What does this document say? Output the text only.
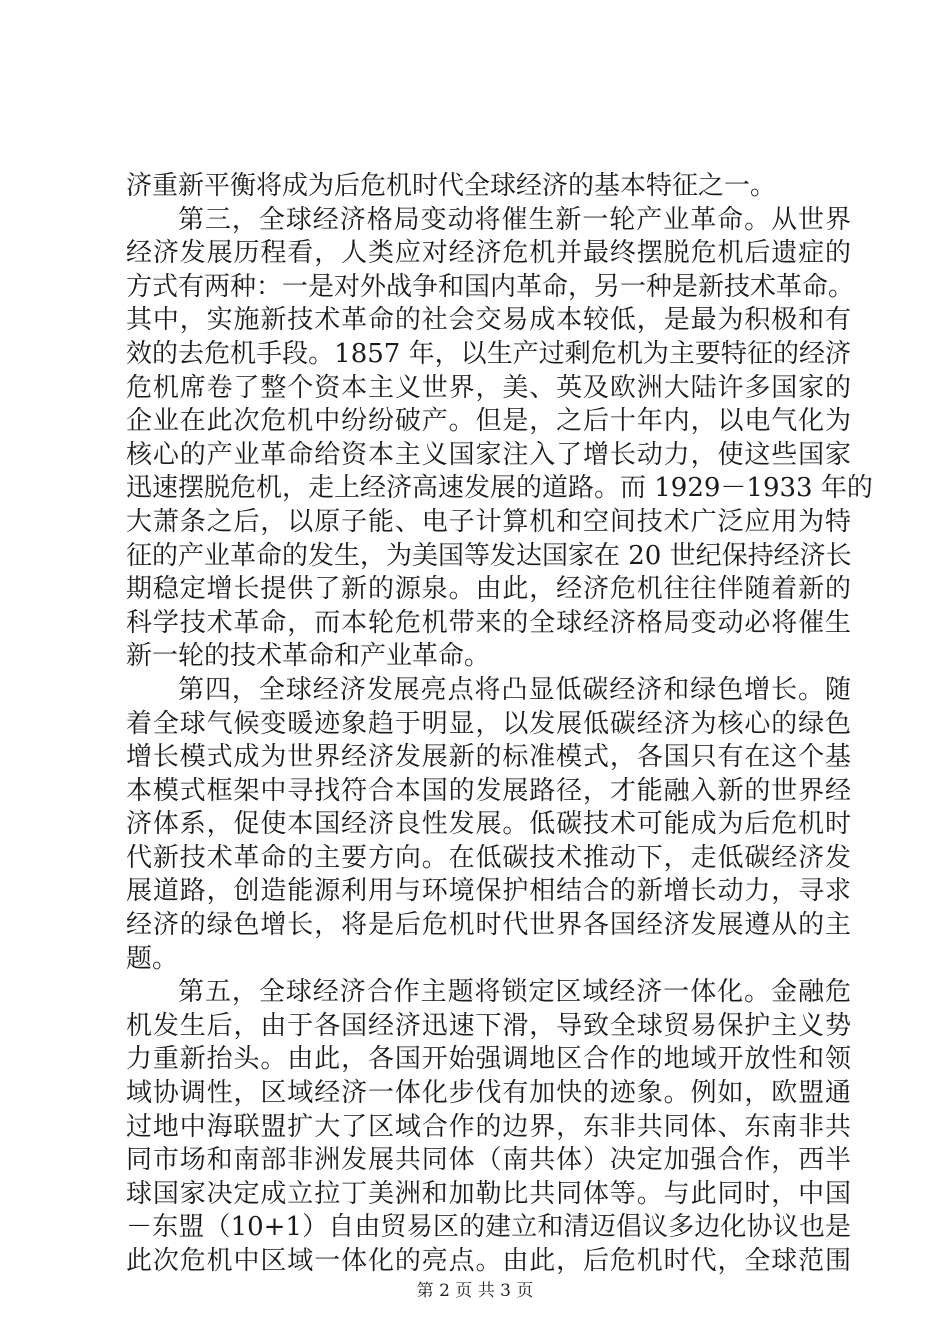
济重新平衡将成为后危机时代全球经济的基本特征之一。
第三，全球经济格局变动将催生新一轮产业革命。从世界
经济发展历程看，人类应对经济危机并最终摆脱危机后遗症的
方式有两种：一是对外战争和国内革命，另一种是新技术革命。
其中，实施新技术革命的社会交易成本较低，是最为积极和有
效的去危机手段。1857 年，以生产过剩危机为主要特征的经济
危机席卷了整个资本主义世界，美、英及欧洲大陆许多国家的
企业在此次危机中纷纷破产。但是，之后十年内，以电气化为
核心的产业革命给资本主义国家注入了增长动力，使这些国家
迅速摆脱危机，走上经济高速发展的道路。而 1929－1933 年的
大萧条之后，以原子能、电子计算机和空间技术广泛应用为特
征的产业革命的发生，为美国等发达国家在 20 世纪保持经济长
期稳定增长提供了新的源泉。由此，经济危机往往伴随着新的
科学技术革命，而本轮危机带来的全球经济格局变动必将催生
新一轮的技术革命和产业革命。
第四，全球经济发展亮点将凸显低碳经济和绿色增长。随
着全球气候变暖迹象趋于明显，以发展低碳经济为核心的绿色
增长模式成为世界经济发展新的标准模式，各国只有在这个基
本模式框架中寻找符合本国的发展路径，才能融入新的世界经
济体系，促使本国经济良性发展。低碳技术可能成为后危机时
代新技术革命的主要方向。在低碳技术推动下，走低碳经济发
展道路，创造能源利用与环境保护相结合的新增长动力，寻求
经济的绿色增长，将是后危机时代世界各国经济发展遵从的主
题。
第五，全球经济合作主题将锁定区域经济一体化。金融危
机发生后，由于各国经济迅速下滑，导致全球贸易保护主义势
力重新抬头。由此，各国开始强调地区合作的地域开放性和领
域协调性，区域经济一体化步伐有加快的迹象。例如，欧盟通
过地中海联盟扩大了区域合作的边界，东非共同体、东南非共
同市场和南部非洲发展共同体（南共体）决定加强合作，西半
球国家决定成立拉丁美洲和加勒比共同体等。与此同时，中国
－东盟（10+1）自由贸易区的建立和清迈倡议多边化协议也是
此次危机中区域一体化的亮点。由此，后危机时代，全球范围
第 2 页 共 3 页
